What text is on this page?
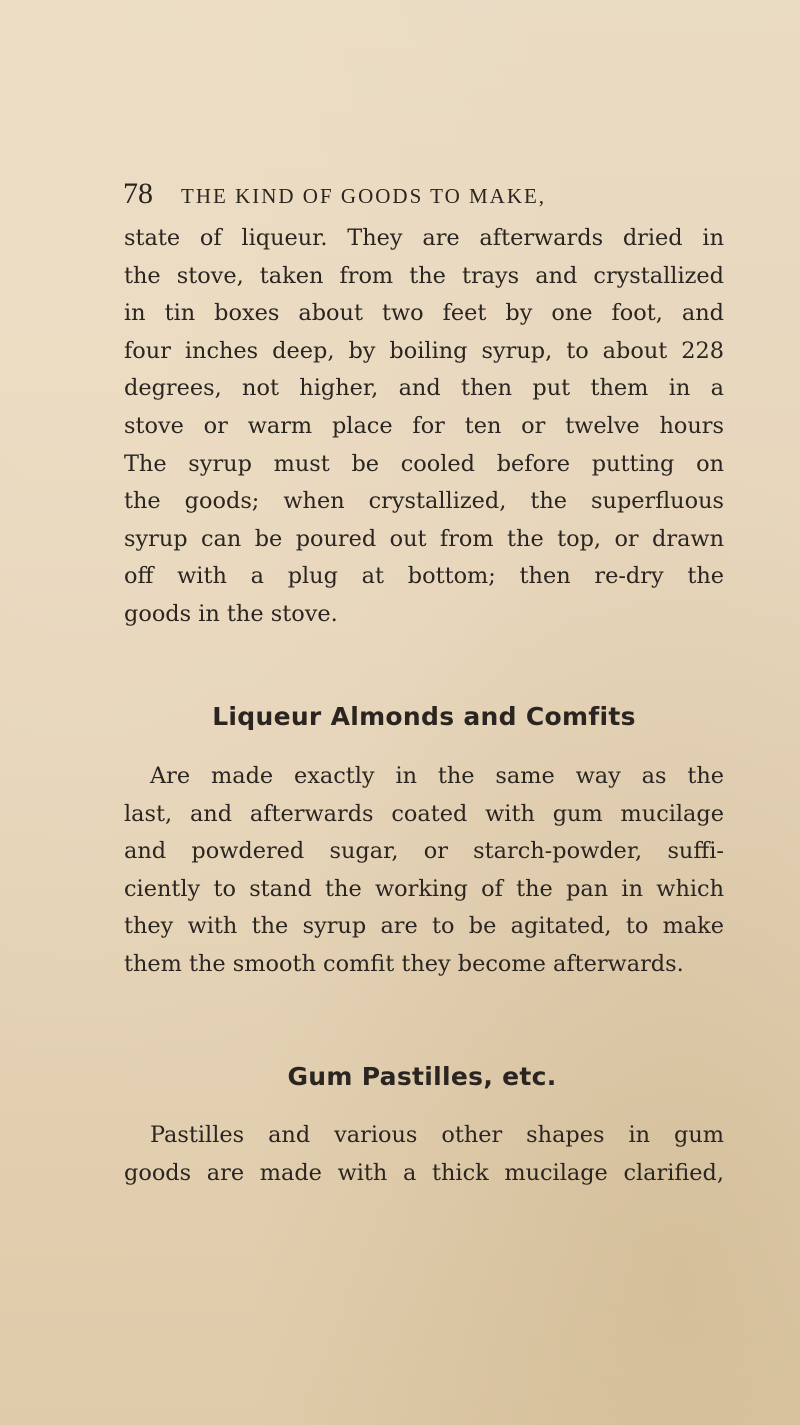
78 THE KIND OF GOODS TO MAKE,
state of liqueur. They are afterwards dried in
the stove, taken from the trays and crystallized
in tin boxes about two feet by one foot, and
four inches deep, by boiling syrup, to about 228
degrees, not higher, and then put them in a
stove or warm place for ten or twelve hours
The syrup must be cooled before putting on
the goods; when crystallized, the superfluous
syrup can be poured out from the top, or drawn
off with a plug at bottom; then re-dry the
goods in the stove.
Liqueur Almonds and Comfits
Are made exactly in the same way as the
last, and afterwards coated with gum mucilage
and powdered sugar, or starch-powder, suffi-
ciently to stand the working of the pan in which
they with the syrup are to be agitated, to make
them the smooth comfit they become afterwards.
Gum Pastilles, etc.
Pastilles and various other shapes in gum
goods are made with a thick mucilage clarified,
